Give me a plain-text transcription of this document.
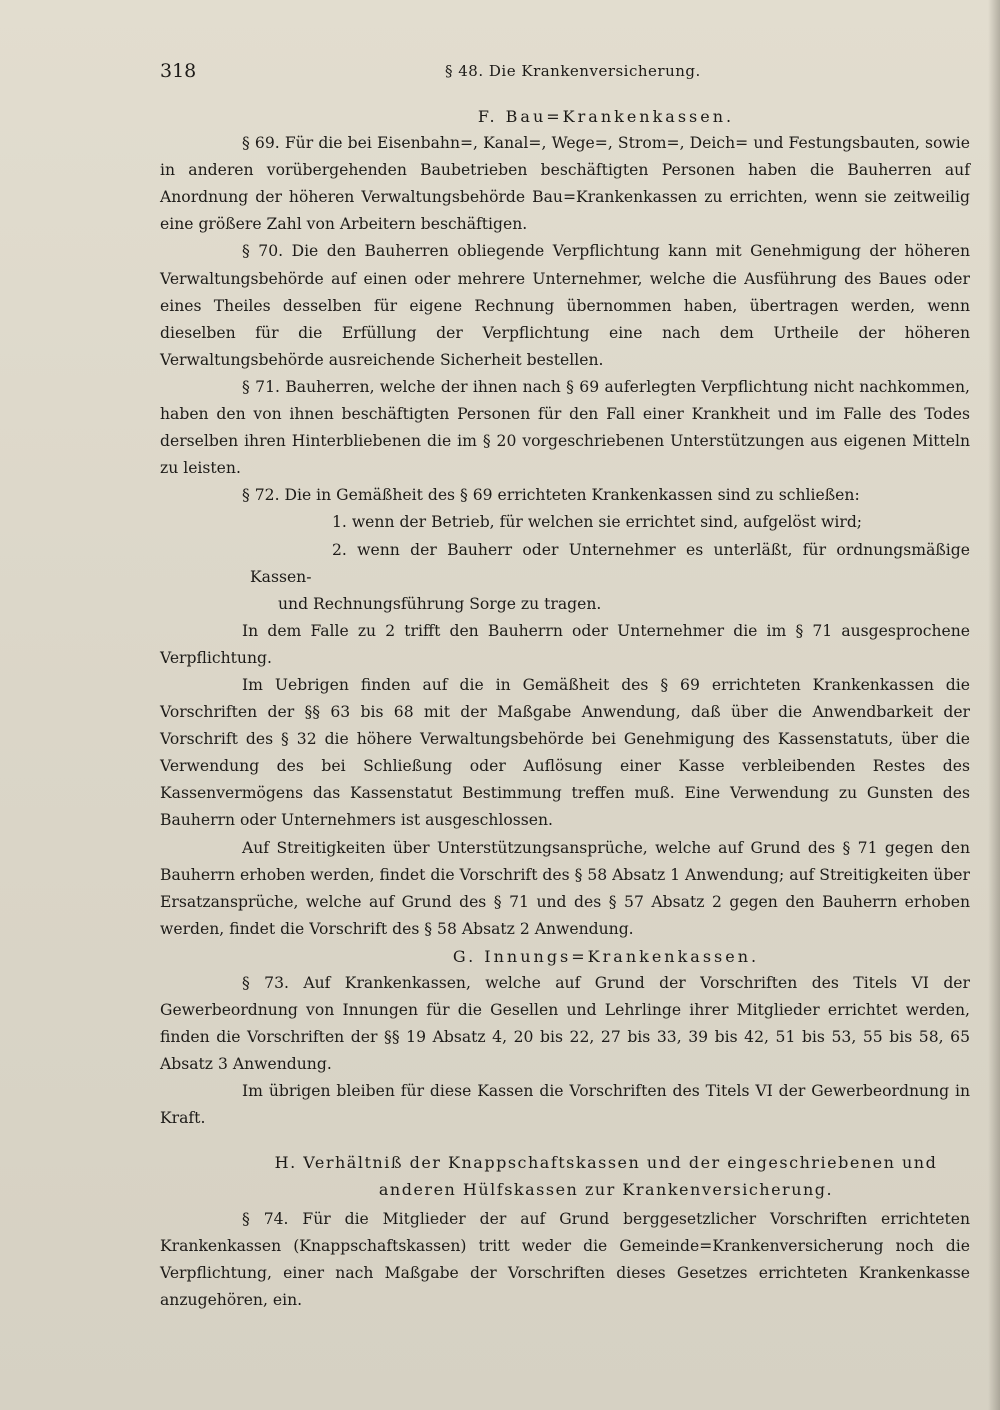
318	§ 48. Die Krankenversicherung.

F. Bau=Krankenkassen.

§ 69. Für die bei Eisenbahn=, Kanal=, Wege=, Strom=, Deich= und Festungsbauten, sowie in anderen vorübergehenden Baubetrieben beschäftigten Personen haben die Bauherren auf Anordnung der höheren Verwaltungsbehörde Bau=Krankenkassen zu errichten, wenn sie zeitweilig eine größere Zahl von Arbeitern beschäftigen.

§ 70. Die den Bauherren obliegende Verpflichtung kann mit Genehmigung der höheren Verwaltungsbehörde auf einen oder mehrere Unternehmer, welche die Ausführung des Baues oder eines Theiles desselben für eigene Rechnung übernommen haben, übertragen werden, wenn dieselben für die Erfüllung der Verpflichtung eine nach dem Urtheile der höheren Verwaltungsbehörde ausreichende Sicherheit bestellen.

§ 71. Bauherren, welche der ihnen nach § 69 auferlegten Verpflichtung nicht nachkommen, haben den von ihnen beschäftigten Personen für den Fall einer Krankheit und im Falle des Todes derselben ihren Hinterbliebenen die im § 20 vorgeschriebenen Unterstützungen aus eigenen Mitteln zu leisten.

§ 72. Die in Gemäßheit des § 69 errichteten Krankenkassen sind zu schließen:

1. wenn der Betrieb, für welchen sie errichtet sind, aufgelöst wird;

2. wenn der Bauherr oder Unternehmer es unterläßt, für ordnungsmäßige Kassen-

und Rechnungsführung Sorge zu tragen.

In dem Falle zu 2 trifft den Bauherrn oder Unternehmer die im § 71 ausgesprochene Verpflichtung.

Im Uebrigen finden auf die in Gemäßheit des § 69 errichteten Krankenkassen die Vorschriften der §§ 63 bis 68 mit der Maßgabe Anwendung, daß über die Anwendbarkeit der Vorschrift des § 32 die höhere Verwaltungsbehörde bei Genehmigung des Kassenstatuts, über die Verwendung des bei Schließung oder Auflösung einer Kasse verbleibenden Restes des Kassenvermögens das Kassenstatut Bestimmung treffen muß. Eine Verwendung zu Gunsten des Bauherrn oder Unternehmers ist ausgeschlossen.

Auf Streitigkeiten über Unterstützungsansprüche, welche auf Grund des § 71 gegen den Bauherrn erhoben werden, findet die Vorschrift des § 58 Absatz 1 Anwendung; auf Streitigkeiten über Ersatzansprüche, welche auf Grund des § 71 und des § 57 Absatz 2 gegen den Bauherrn erhoben werden, findet die Vorschrift des § 58 Absatz 2 Anwendung.

G. Innungs=Krankenkassen.

§ 73. Auf Krankenkassen, welche auf Grund der Vorschriften des Titels VI der Gewerbeordnung von Innungen für die Gesellen und Lehrlinge ihrer Mitglieder errichtet werden, finden die Vorschriften der §§ 19 Absatz 4, 20 bis 22, 27 bis 33, 39 bis 42, 51 bis 53, 55 bis 58, 65 Absatz 3 Anwendung.

Im übrigen bleiben für diese Kassen die Vorschriften des Titels VI der Gewerbeordnung in Kraft.

H. Verhältniß der Knappschaftskassen und der eingeschriebenen und

anderen Hülfskassen zur Krankenversicherung.

§ 74. Für die Mitglieder der auf Grund berggesetzlicher Vorschriften errichteten Krankenkassen (Knappschaftskassen) tritt weder die Gemeinde=Krankenversicherung noch die Verpflichtung, einer nach Maßgabe der Vorschriften dieses Gesetzes errichteten Krankenkasse anzugehören, ein.
